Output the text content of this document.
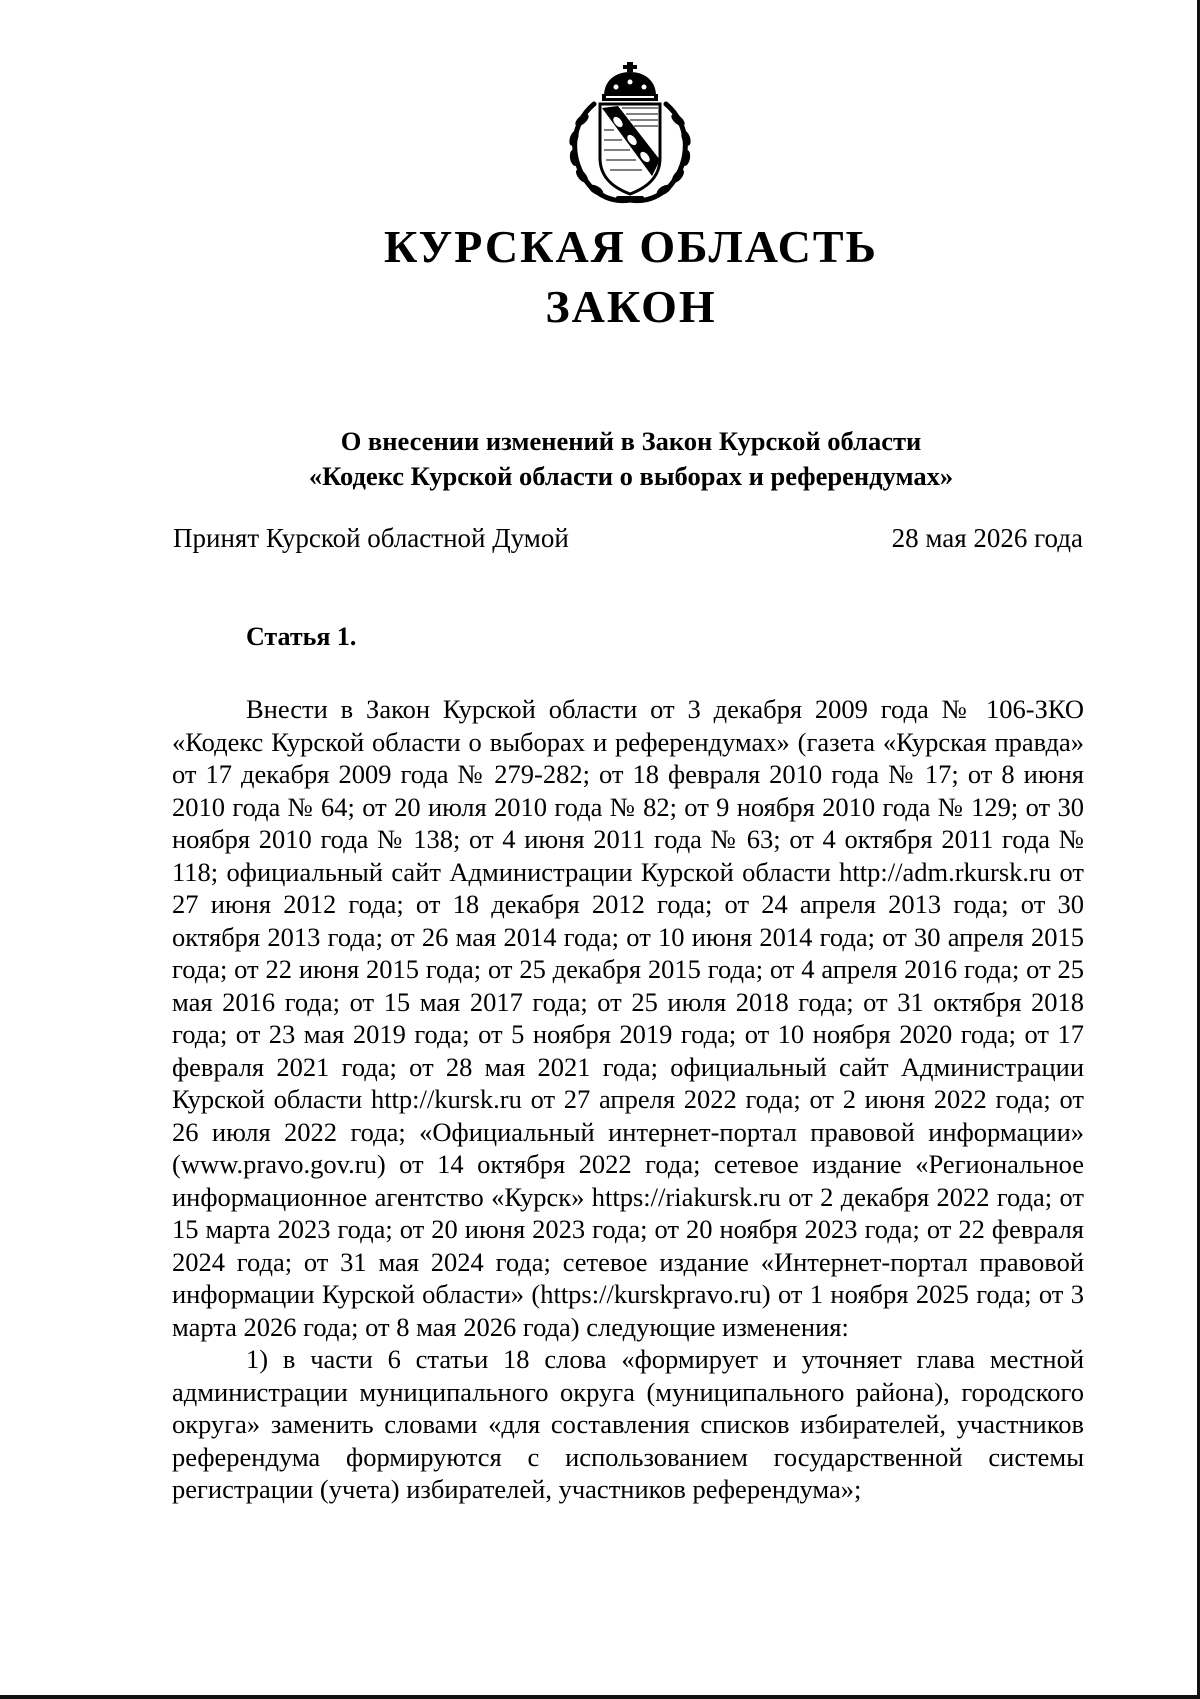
КУРСКАЯ ОБЛАСТЬ
ЗАКОН
О внесении изменений в Закон Курской области
«Кодекс Курской области о выборах и референдумах»
Принят Курской областной Думой	28 мая 2026 года
Статья 1.

Внести в Закон Курской области от 3 декабря 2009 года № 106-ЗКО «Кодекс Курской области о выборах и референдумах» (газета «Курская правда» от 17 декабря 2009 года № 279-282; от 18 февраля 2010 года № 17; от 8 июня 2010 года № 64; от 20 июля 2010 года № 82; от 9 ноября 2010 года № 129; от 30 ноября 2010 года № 138; от 4 июня 2011 года № 63; от 4 октября 2011 года № 118; официальный сайт Администрации Курской области http://adm.rkursk.ru от 27 июня 2012 года; от 18 декабря 2012 года; от 24 апреля 2013 года; от 30 октября 2013 года; от 26 мая 2014 года; от 10 июня 2014 года; от 30 апреля 2015 года; от 22 июня 2015 года; от 25 декабря 2015 года; от 4 апреля 2016 года; от 25 мая 2016 года; от 15 мая 2017 года; от 25 июля 2018 года; от 31 октября 2018 года; от 23 мая 2019 года; от 5 ноября 2019 года; от 10 ноября 2020 года; от 17 февраля 2021 года; от 28 мая 2021 года; официальный сайт Администрации Курской области http://kursk.ru от 27 апреля 2022 года; от 2 июня 2022 года; от 26 июля 2022 года; «Официальный интернет-портал правовой информации» (www.pravo.gov.ru) от 14 октября 2022 года; сетевое издание «Региональное информационное агентство «Курск» https://riakursk.ru от 2 декабря 2022 года; от 15 марта 2023 года; от 20 июня 2023 года; от 20 ноября 2023 года; от 22 февраля 2024 года; от 31 мая 2024 года; сетевое издание «Интернет-портал правовой информации Курской области» (https://kurskpravo.ru) от 1 ноября 2025 года; от 3 марта 2026 года; от 8 мая 2026 года) следующие изменения:

1) в части 6 статьи 18 слова «формирует и уточняет глава местной администрации муниципального округа (муниципального района), городского округа» заменить словами «для составления списков избирателей, участников референдума формируются с использованием государственной системы регистрации (учета) избирателей, участников референдума»;
